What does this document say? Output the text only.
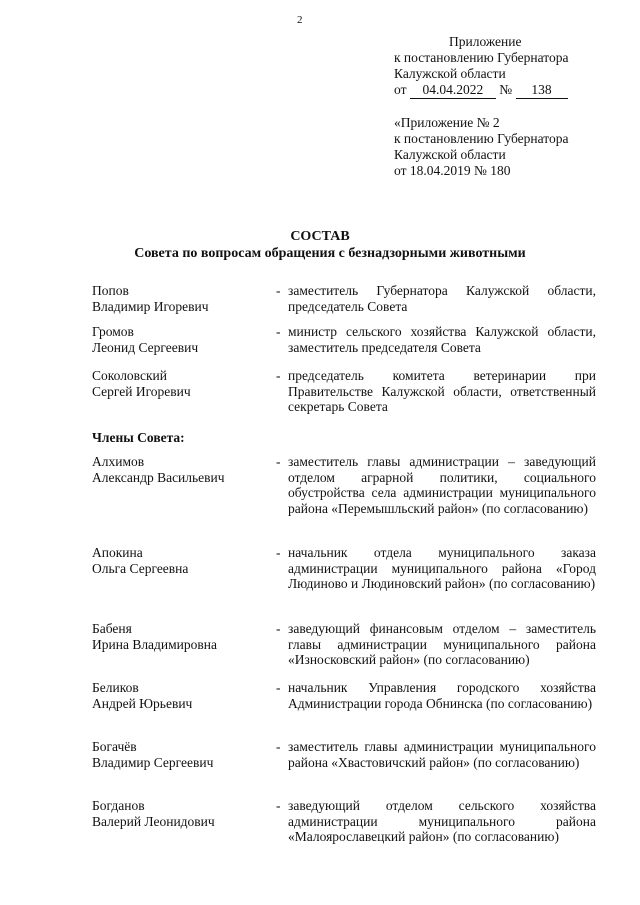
2
Приложение
к постановлению Губернатора
Калужской области
от 04.04.2022 № 138
«Приложение № 2
к постановлению Губернатора
Калужской области
от 18.04.2019 № 180
СОСТАВ
Совета по вопросам обращения с безнадзорными животными
Попов
Владимир Игоревич
- заместитель Губернатора Калужской области, председатель Совета
Громов
Леонид Сергеевич
- министр сельского хозяйства Калужской области, заместитель председателя Совета
Соколовский
Сергей Игоревич
- председатель комитета ветеринарии при Правительстве Калужской области, ответственный секретарь Совета
Члены Совета:
Алхимов
Александр Васильевич
- заместитель главы администрации – заведующий отделом аграрной политики, социального обустройства села администрации муниципального района «Перемышльский район» (по согласованию)
Апокина
Ольга Сергеевна
- начальник отдела муниципального заказа администрации муниципального района «Город Людиново и Людиновский район» (по согласованию)
Бабеня
Ирина Владимировна
- заведующий финансовым отделом – заместитель главы администрации муниципального района «Износковский район» (по согласованию)
Беликов
Андрей Юрьевич
- начальник Управления городского хозяйства Администрации города Обнинска (по согласованию)
Богачёв
Владимир Сергеевич
- заместитель главы администрации муниципального района «Хвастовичский район» (по согласованию)
Богданов
Валерий Леонидович
- заведующий отделом сельского хозяйства администрации муниципального района «Малоярославецкий район» (по согласованию)
